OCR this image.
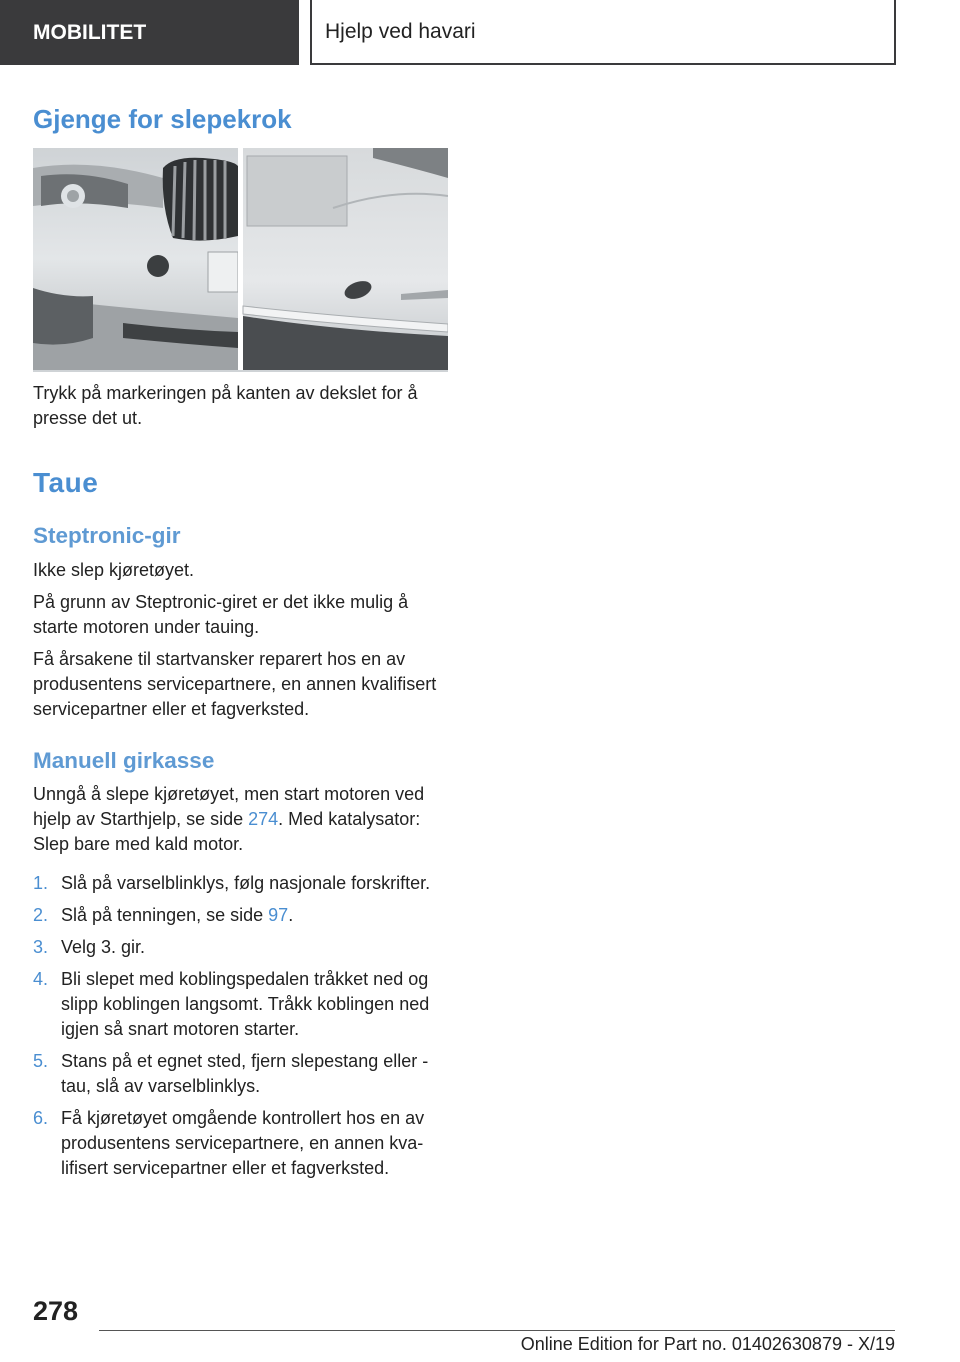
MOBILITET	Hjelp ved havari
Gjenge for slepekrok

Trykk på markeringen på kanten av dekslet for å presse det ut.

Taue
Steptronic-gir

Ikke slep kjøretøyet.

På grunn av Steptronic-giret er det ikke mulig å starte motoren under tauing.

Få årsakene til startvansker reparert hos en av produsentens servicepartnere, en annen kvalifisert servicepartner eller et fagverksted.

Manuell girkasse

Unngå å slepe kjøretøyet, men start motoren ved hjelp av Starthjelp, se side 274. Med katalysator: Slep bare med kald motor.

1. Slå på varselblinklys, følg nasjonale forskrifter.
2. Slå på tenningen, se side 97.
3. Velg 3. gir.
4. Bli slepet med koblingspedalen tråkket ned og slipp koblingen langsomt. Tråkk koblingen ned igjen så snart motoren starter.
5. Stans på et egnet sted, fjern slepestang eller -tau, slå av varselblinklys.
6. Få kjøretøyet omgående kontrollert hos en av produsentens servicepartnere, en annen kvalifisert servicepartner eller et fagverksted.
278
Online Edition for Part no. 01402630879 - X/19
